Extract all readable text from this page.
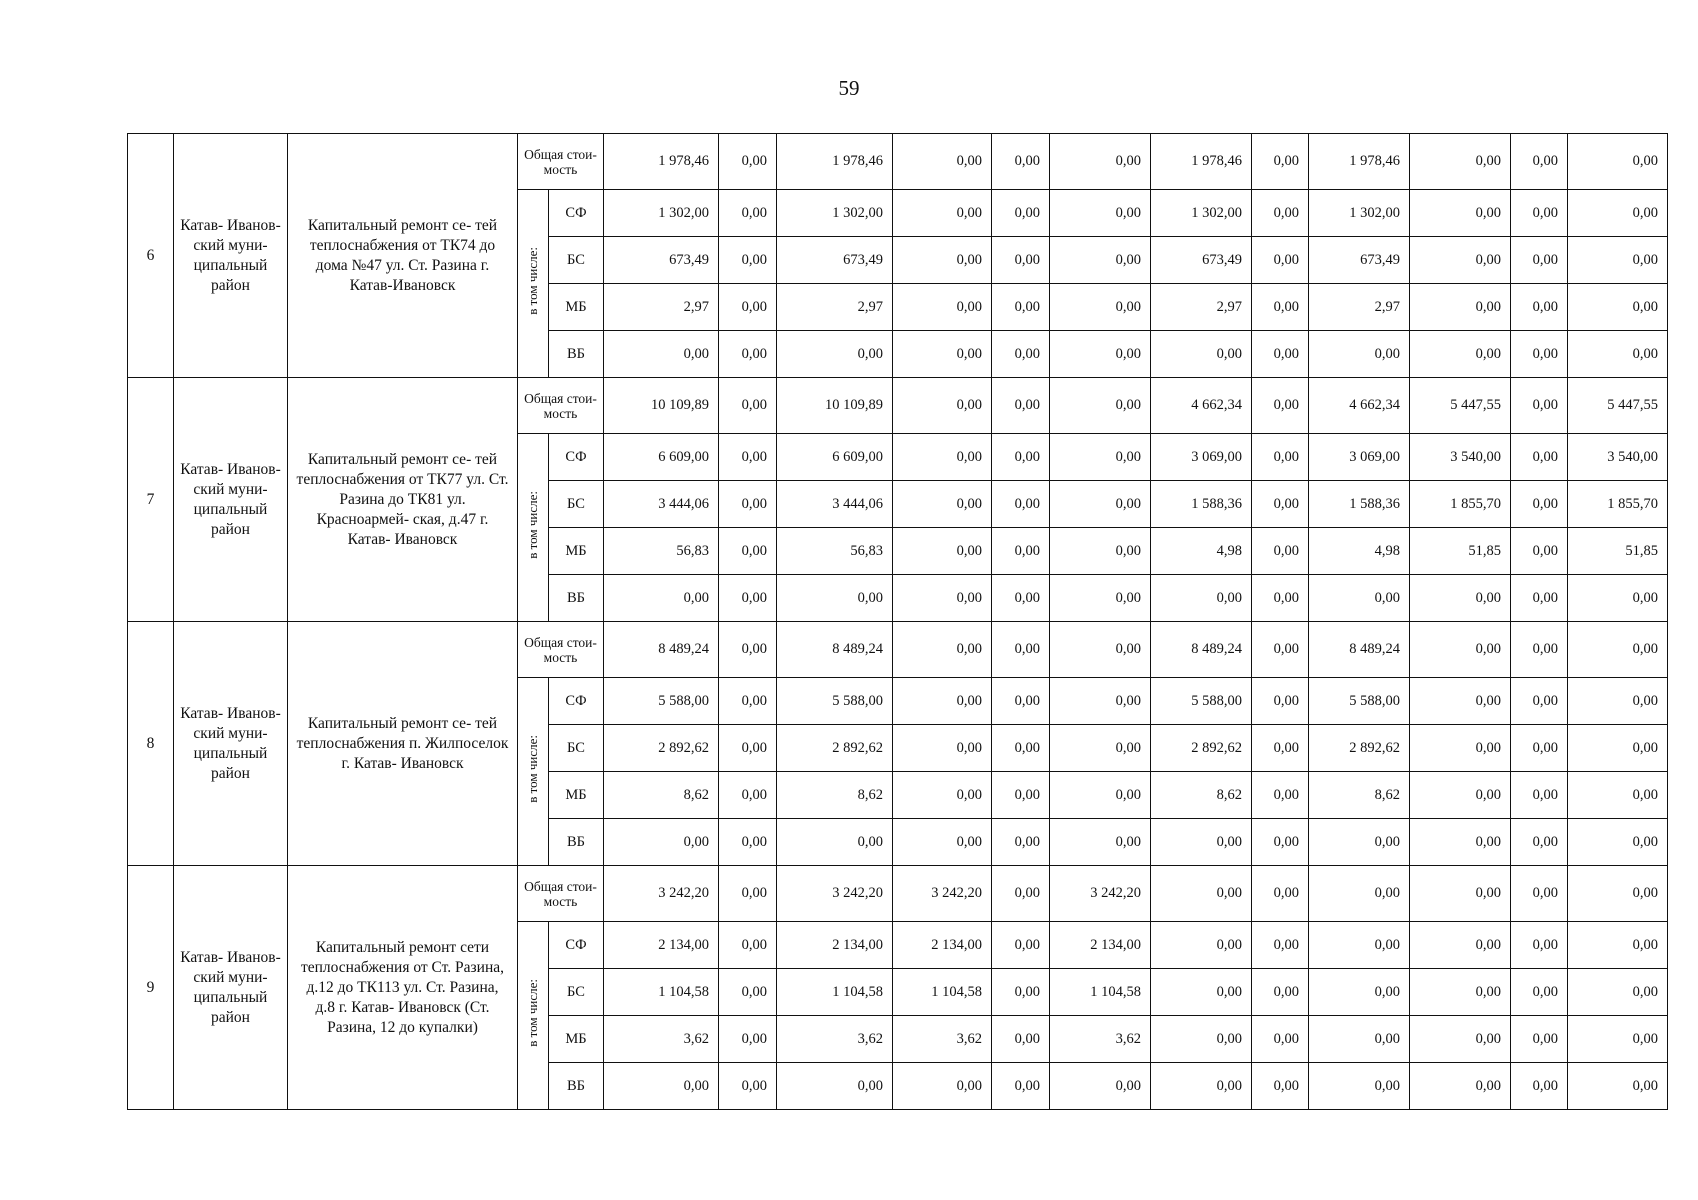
59
6	Катав- Иванов- ский муни- ципальный район	Капитальный ремонт се- тей теплоснабжения от ТК74 до дома №47 ул. Ст. Разина г. Катав-Ивановск	Общая стои- мость		1 978,46	0,00	1 978,46	0,00	0,00	0,00	1 978,46	0,00	1 978,46	0,00	0,00	0,00
			в том числе:	СФ	1 302,00	0,00	1 302,00	0,00	0,00	0,00	1 302,00	0,00	1 302,00	0,00	0,00	0,00
				БС	673,49	0,00	673,49	0,00	0,00	0,00	673,49	0,00	673,49	0,00	0,00	0,00
				МБ	2,97	0,00	2,97	0,00	0,00	0,00	2,97	0,00	2,97	0,00	0,00	0,00
				ВБ	0,00	0,00	0,00	0,00	0,00	0,00	0,00	0,00	0,00	0,00	0,00	0,00
7	Катав- Иванов- ский муни- ципальный район	Капитальный ремонт се- тей теплоснабжения от ТК77 ул. Ст. Разина до ТК81 ул. Красноармей- ская, д.47 г. Катав- Ивановск	Общая стои- мость		10 109,89	0,00	10 109,89	0,00	0,00	0,00	4 662,34	0,00	4 662,34	5 447,55	0,00	5 447,55
			в том числе:	СФ	6 609,00	0,00	6 609,00	0,00	0,00	0,00	3 069,00	0,00	3 069,00	3 540,00	0,00	3 540,00
				БС	3 444,06	0,00	3 444,06	0,00	0,00	0,00	1 588,36	0,00	1 588,36	1 855,70	0,00	1 855,70
				МБ	56,83	0,00	56,83	0,00	0,00	0,00	4,98	0,00	4,98	51,85	0,00	51,85
				ВБ	0,00	0,00	0,00	0,00	0,00	0,00	0,00	0,00	0,00	0,00	0,00	0,00
8	Катав- Иванов- ский муни- ципальный район	Капитальный ремонт се- тей теплоснабжения п. Жилпоселок г. Катав- Ивановск	Общая стои- мость		8 489,24	0,00	8 489,24	0,00	0,00	0,00	8 489,24	0,00	8 489,24	0,00	0,00	0,00
			в том числе:	СФ	5 588,00	0,00	5 588,00	0,00	0,00	0,00	5 588,00	0,00	5 588,00	0,00	0,00	0,00
				БС	2 892,62	0,00	2 892,62	0,00	0,00	0,00	2 892,62	0,00	2 892,62	0,00	0,00	0,00
				МБ	8,62	0,00	8,62	0,00	0,00	0,00	8,62	0,00	8,62	0,00	0,00	0,00
				ВБ	0,00	0,00	0,00	0,00	0,00	0,00	0,00	0,00	0,00	0,00	0,00	0,00
9	Катав- Иванов- ский муни- ципальный район	Капитальный ремонт сети теплоснабжения от Ст. Разина, д.12 до ТК113 ул. Ст. Разина, д.8 г. Катав- Ивановск (Ст. Разина, 12 до купалки)	Общая стои- мость		3 242,20	0,00	3 242,20	3 242,20	0,00	3 242,20	0,00	0,00	0,00	0,00	0,00	0,00
			в том числе:	СФ	2 134,00	0,00	2 134,00	2 134,00	0,00	2 134,00	0,00	0,00	0,00	0,00	0,00	0,00
				БС	1 104,58	0,00	1 104,58	1 104,58	0,00	1 104,58	0,00	0,00	0,00	0,00	0,00	0,00
				МБ	3,62	0,00	3,62	3,62	0,00	3,62	0,00	0,00	0,00	0,00	0,00	0,00
				ВБ	0,00	0,00	0,00	0,00	0,00	0,00	0,00	0,00	0,00	0,00	0,00	0,00
